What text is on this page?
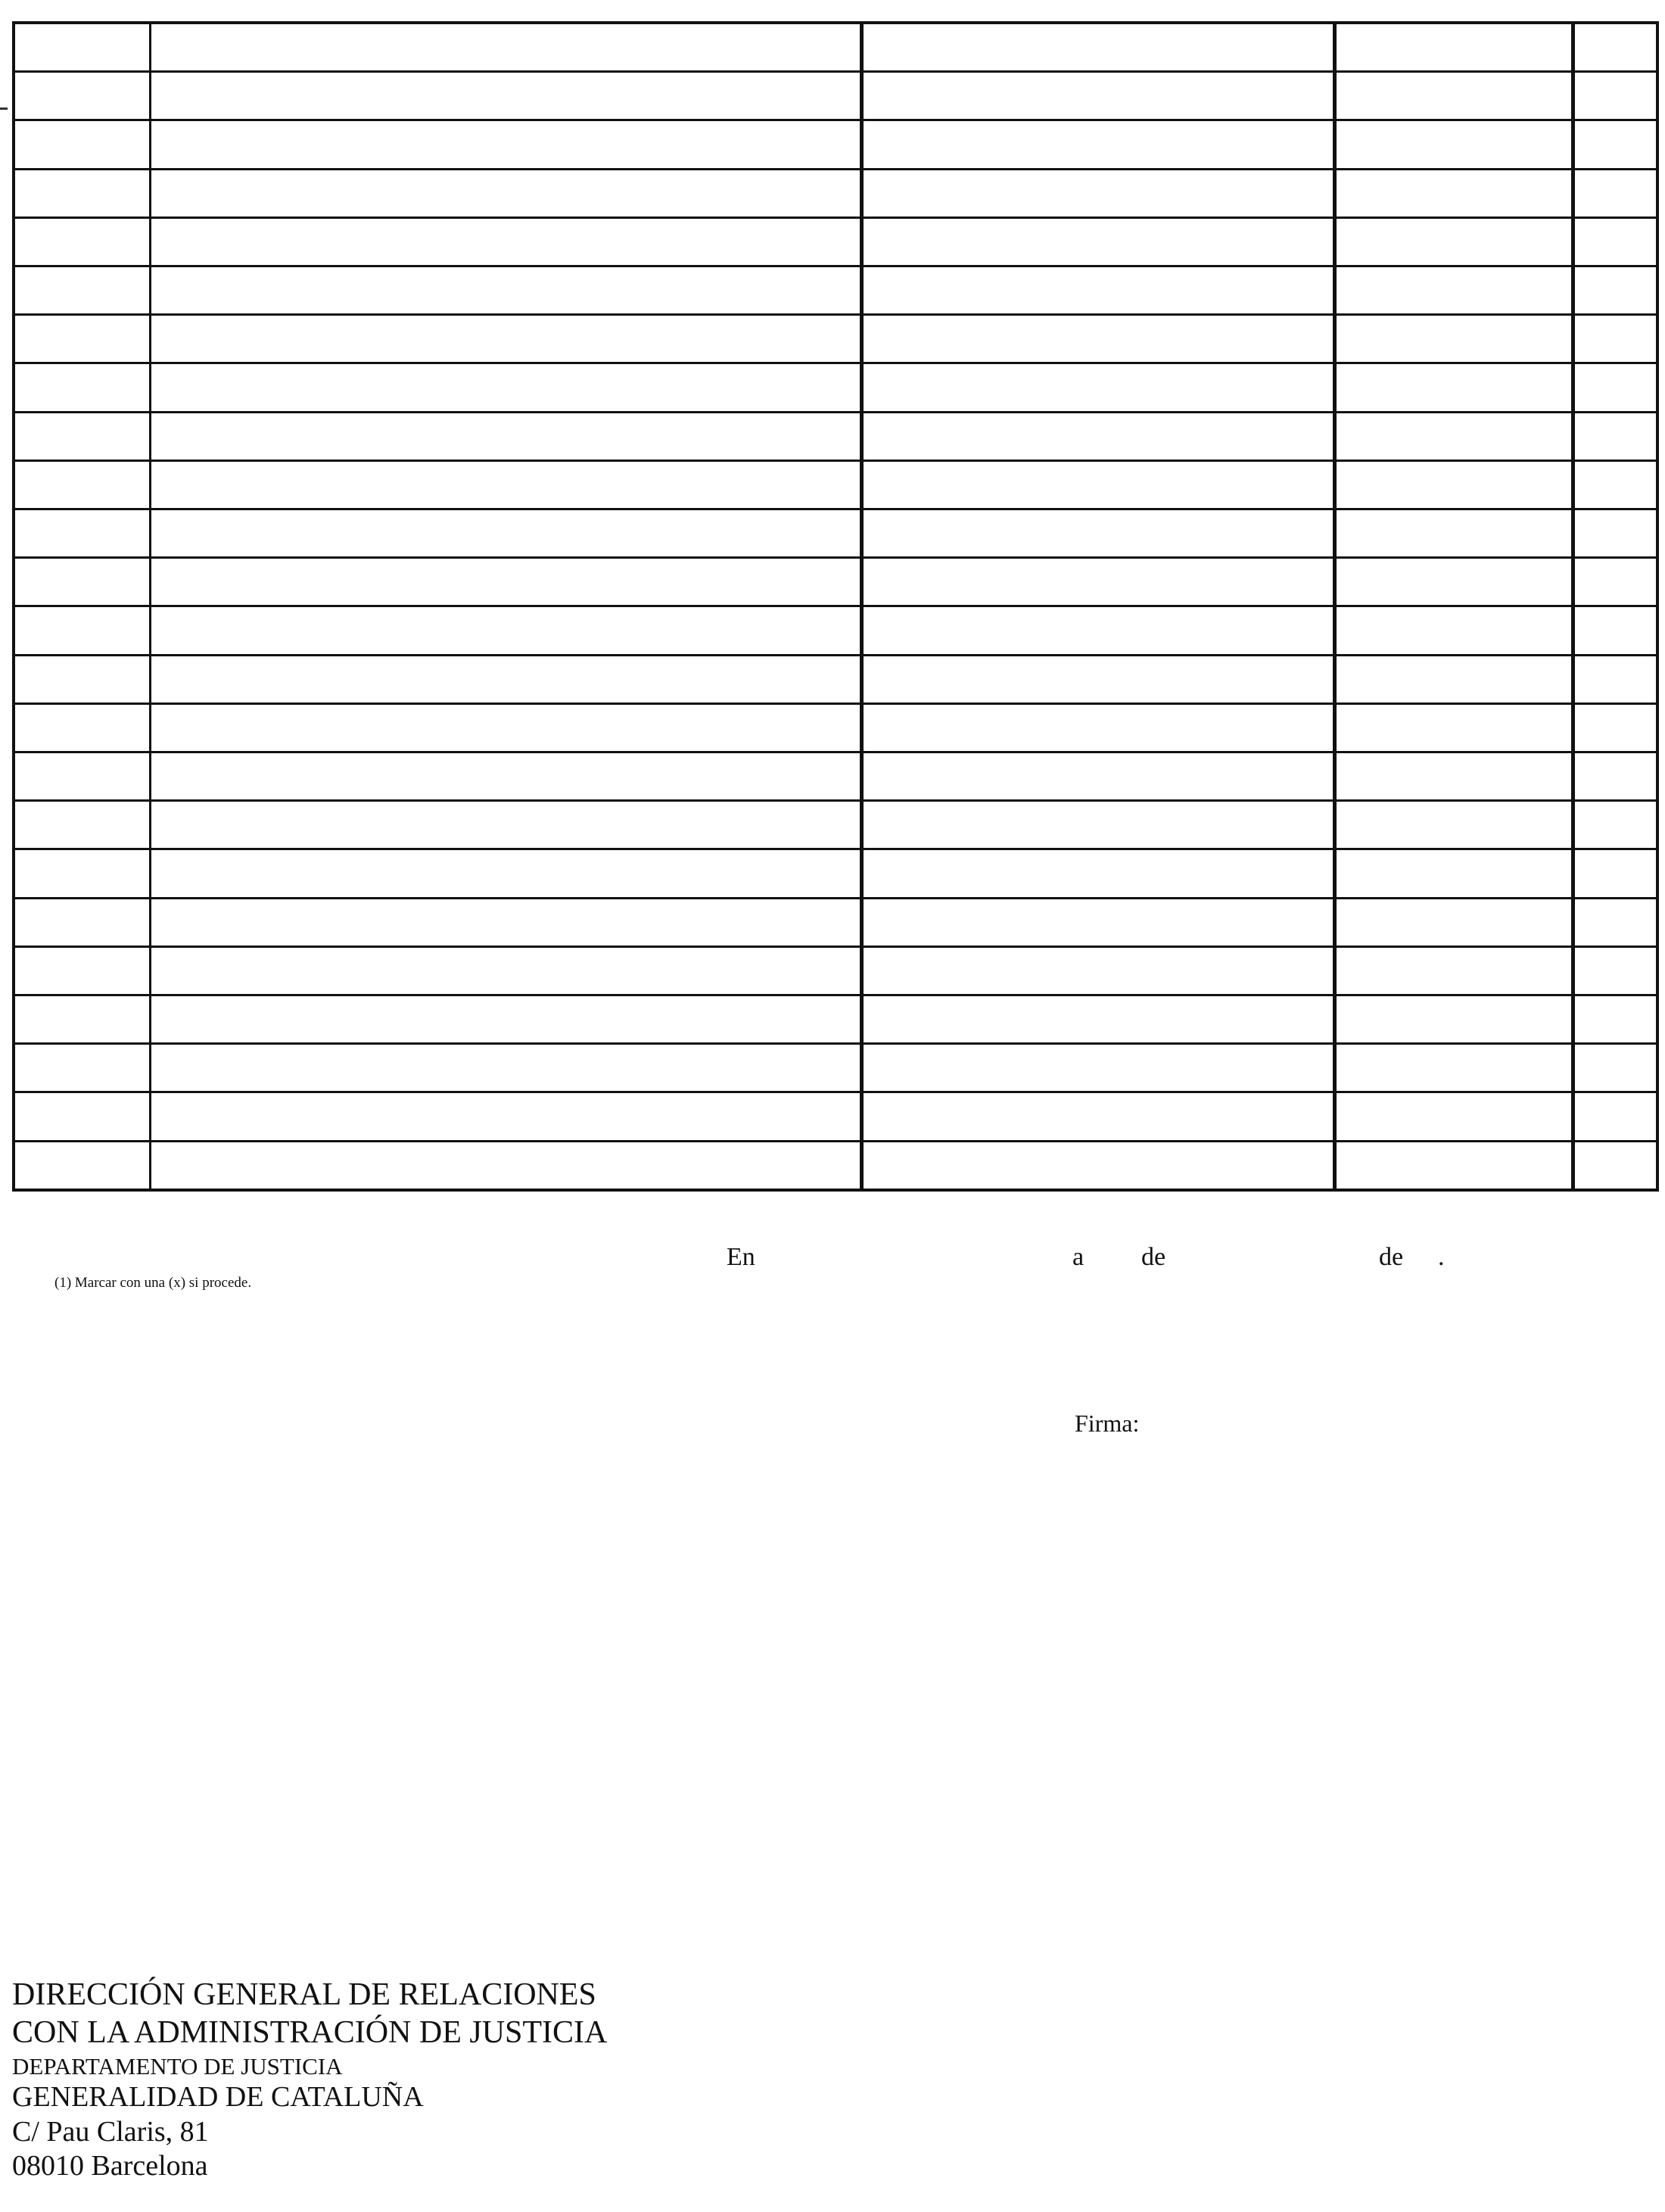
(1) Marcar con una (x) si procede.
En	a de	de .
Firma:
DIRECCIÓN GENERAL DE RELACIONES
CON LA ADMINISTRACIÓN DE JUSTICIA
DEPARTAMENTO DE JUSTICIA
GENERALIDAD DE CATALUÑA
C/ Pau Claris, 81
08010 Barcelona
